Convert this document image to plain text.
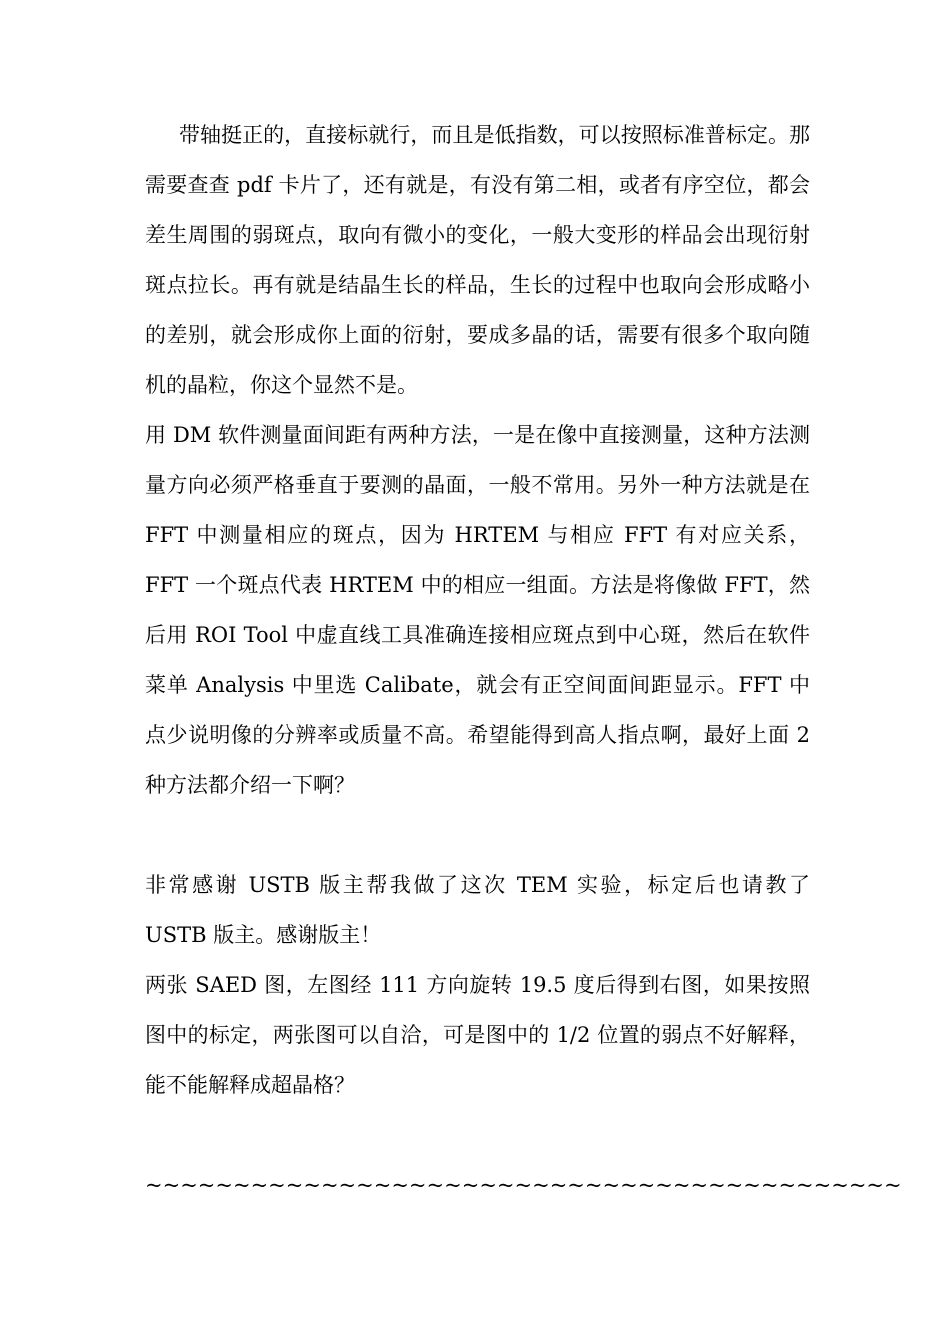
带轴挺正的，直接标就行，而且是低指数，可以按照标准普标定。那需要查查 pdf 卡片了，还有就是，有没有第二相，或者有序空位，都会差生周围的弱斑点，取向有微小的变化，一般大变形的样品会出现衍射斑点拉长。再有就是结晶生长的样品，生长的过程中也取向会形成略小的差别，就会形成你上面的衍射，要成多晶的话，需要有很多个取向随机的晶粒，你这个显然不是。

用 DM 软件测量面间距有两种方法，一是在像中直接测量，这种方法测量方向必须严格垂直于要测的晶面，一般不常用。另外一种方法就是在 FFT 中测量相应的斑点，因为 HRTEM 与相应 FFT 有对应关系，FFT 一个斑点代表 HRTEM 中的相应一组面。方法是将像做 FFT，然后用 ROI Tool 中虚直线工具准确连接相应斑点到中心斑，然后在软件菜单 Analysis 中里选 Calibate，就会有正空间面间距显示。FFT 中点少说明像的分辨率或质量不高。希望能得到高人指点啊，最好上面 2 种方法都介绍一下啊？

非常感谢 USTB 版主帮我做了这次 TEM 实验，标定后也请教了 USTB 版主。感谢版主！

两张 SAED 图，左图经 111 方向旋转 19.5 度后得到右图，如果按照图中的标定，两张图可以自洽，可是图中的 1/2 位置的弱点不好解释，能不能解释成超晶格？

~~~~~~~~~~~~~~~~~~~~~~~~~~~~~~~~~~~~~~~~~~~
